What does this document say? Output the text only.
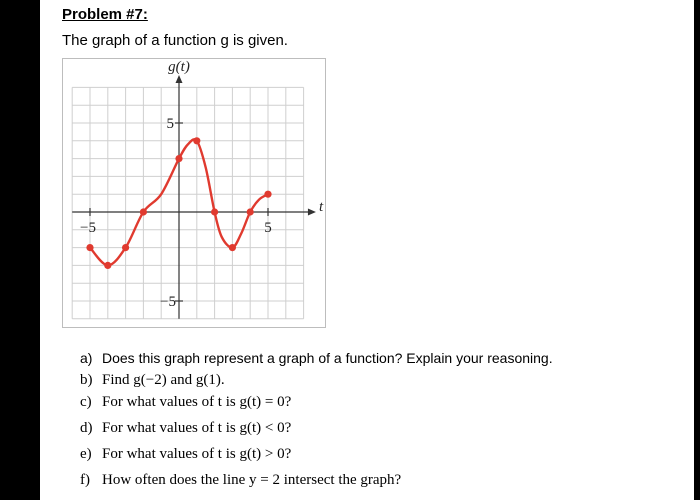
Problem #7:
The graph of a function g is given.
−5	5
5
−5
g(t)
t
a) Does this graph represent a graph of a function? Explain your reasoning.
b) Find g(−2) and g(1).
c) For what values of t is g(t) = 0?
d) For what values of t is g(t) < 0?
e) For what values of t is g(t) > 0?
f) How often does the line y = 2 intersect the graph?
